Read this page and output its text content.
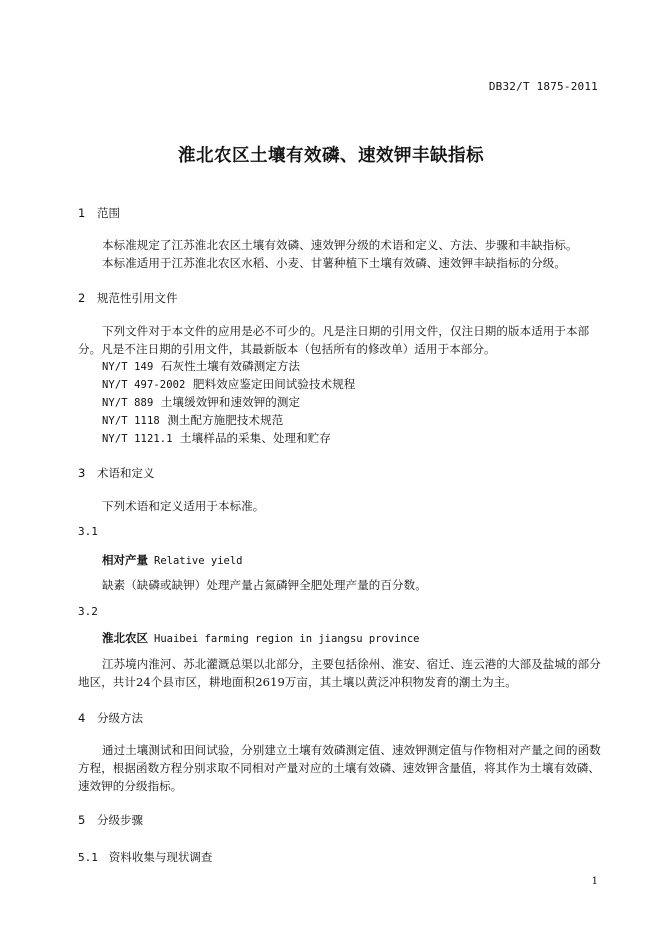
DB32/T 1875-2011
淮北农区土壤有效磷、速效钾丰缺指标
1 范围
本标准规定了江苏淮北农区土壤有效磷、速效钾分级的术语和定义、方法、步骤和丰缺指标。
本标准适用于江苏淮北农区水稻、小麦、甘薯种植下土壤有效磷、速效钾丰缺指标的分级。
2 规范性引用文件
下列文件对于本文件的应用是必不可少的。凡是注日期的引用文件，仅注日期的版本适用于本部分。凡是不注日期的引用文件，其最新版本（包括所有的修改单）适用于本部分。
NY/T 149 石灰性土壤有效磷测定方法
NY/T 497-2002 肥料效应鉴定田间试验技术规程
NY/T 889 土壤缓效钾和速效钾的测定
NY/T 1118 测土配方施肥技术规范
NY/T 1121.1 土壤样品的采集、处理和贮存
3 术语和定义
下列术语和定义适用于本标准。
3.1
相对产量 Relative yield
缺素（缺磷或缺钾）处理产量占氮磷钾全肥处理产量的百分数。
3.2
淮北农区 Huaibei farming region in jiangsu province
江苏境内淮河、苏北灌溉总渠以北部分，主要包括徐州、淮安、宿迁、连云港的大部及盐城的部分地区，共计24个县市区，耕地面积2619万亩，其土壤以黄泛冲积物发育的潮土为主。
4 分级方法
通过土壤测试和田间试验，分别建立土壤有效磷测定值、速效钾测定值与作物相对产量之间的函数方程，根据函数方程分别求取不同相对产量对应的土壤有效磷、速效钾含量值，将其作为土壤有效磷、速效钾的分级指标。
5 分级步骤
5.1 资料收集与现状调查
1
